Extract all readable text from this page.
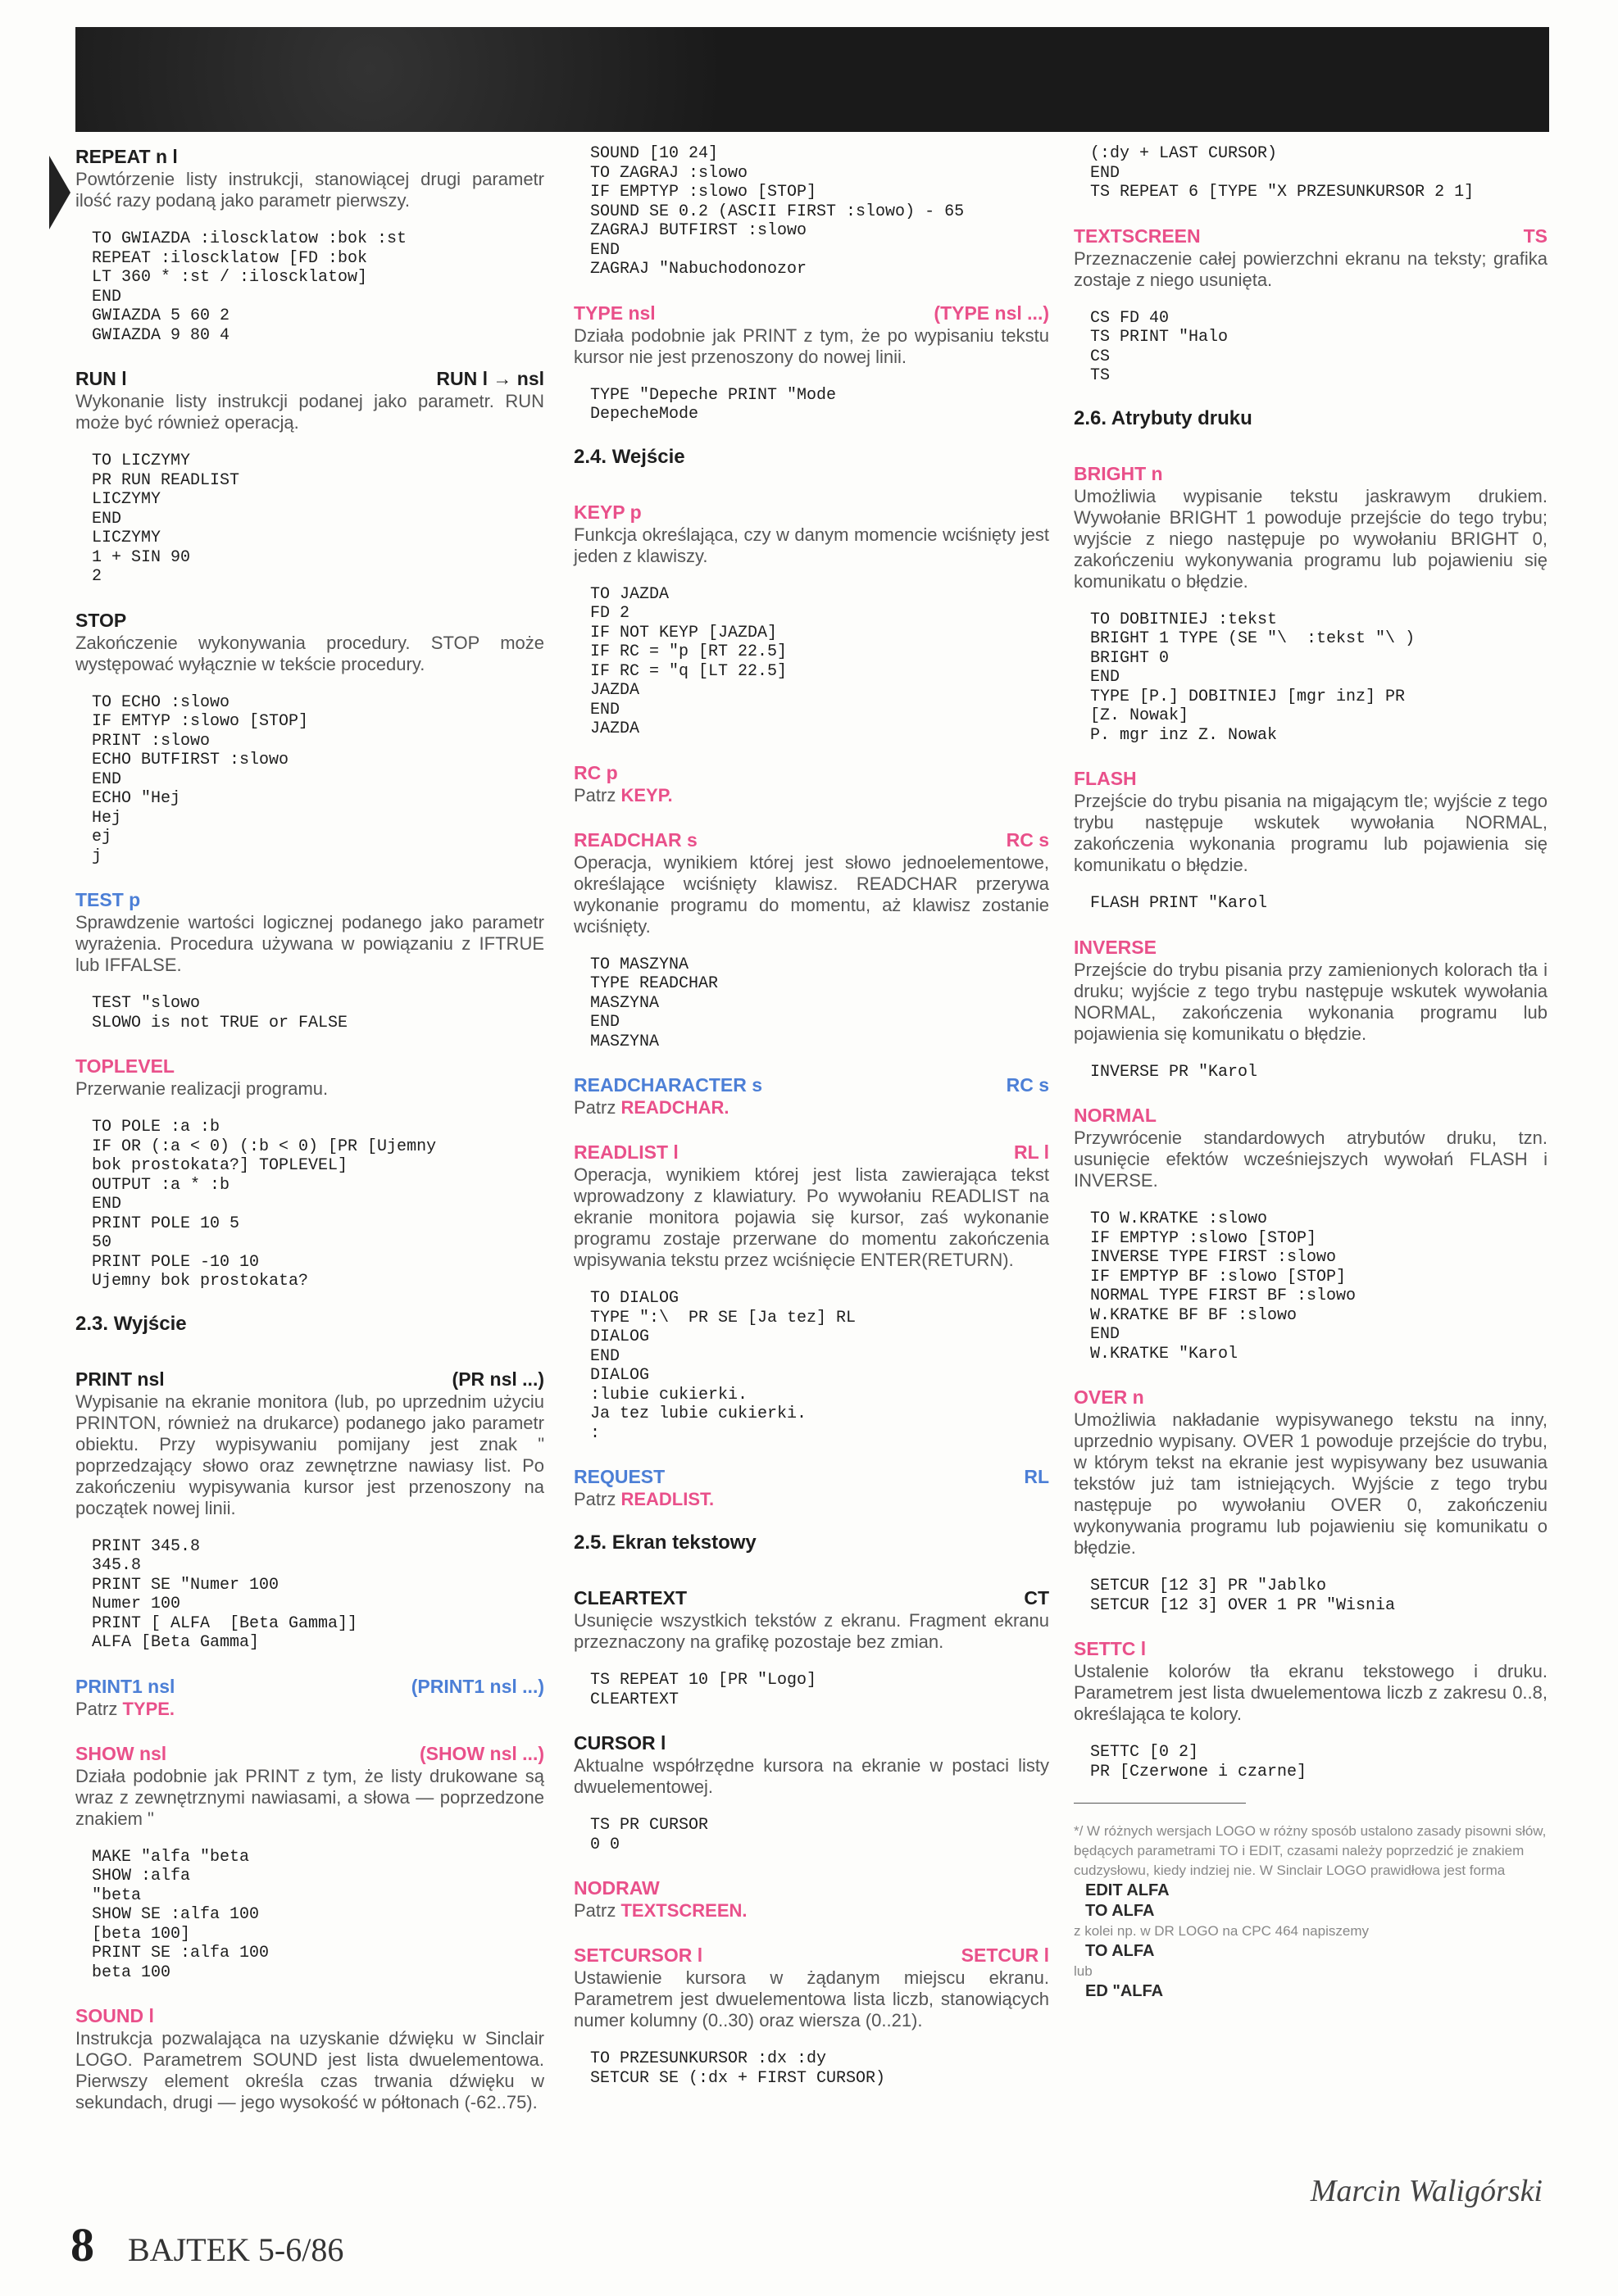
REPEAT n l
Powtórzenie listy instrukcji, stanowiącej drugi parametr ilość razy podaną jako parametr pierwszy.
TO GWIAZDA :iloscklatow :bok :st
REPEAT :iloscklatow [FD :bok
LT 360 * :st / :iloscklatow]
END
GWIAZDA 5 60 2
GWIAZDA 9 80 4
RUN l	RUN l → nsl
Wykonanie listy instrukcji podanej jako parametr. RUN może być również operacją.
TO LICZYMY
PR RUN READLIST
LICZYMY
END
LICZYMY
1 + SIN 90
2
STOP
Zakończenie wykonywania procedury. STOP może występować wyłącznie w tekście procedury.
TO ECHO :slowo
IF EMTYP :slowo [STOP]
PRINT :slowo
ECHO BUTFIRST :slowo
END
ECHO "Hej
Hej
ej
j
TEST p
Sprawdzenie wartości logicznej podanego jako parametr wyrażenia. Procedura używana w powiązaniu z IFTRUE lub IFFALSE.
TEST "slowo
SLOWO is not TRUE or FALSE
TOPLEVEL
Przerwanie realizacji programu.
TO POLE :a :b
IF OR (:a < 0) (:b < 0) [PR [Ujemny
bok prostokata?] TOPLEVEL]
OUTPUT :a * :b
END
PRINT POLE 10 5
50
PRINT POLE -10 10
Ujemny bok prostokata?
2.3. Wyjście
PRINT nsl	(PR nsl ...)
Wypisanie na ekranie monitora (lub, po uprzednim użyciu PRINTON, również na drukarce) podanego jako parametr obiektu. Przy wypisywaniu pomijany jest znak " poprzedzający słowo oraz zewnętrzne nawiasy list. Po zakończeniu wypisywania kursor jest przenoszony na początek nowej linii.
PRINT 345.8
345.8
PRINT SE "Numer 100
Numer 100
PRINT [ ALFA  [Beta Gamma]]
ALFA [Beta Gamma]
PRINT1 nsl	(PRINT1 nsl ...)
Patrz TYPE.
SHOW nsl	(SHOW nsl ...)
Działa podobnie jak PRINT z tym, że listy drukowane są wraz z zewnętrznymi nawiasami, a słowa — poprzedzone znakiem "
MAKE "alfa "beta
SHOW :alfa
"beta
SHOW SE :alfa 100
[beta 100]
PRINT SE :alfa 100
beta 100
SOUND l
Instrukcja pozwalająca na uzyskanie dźwięku w Sinclair LOGO. Parametrem SOUND jest lista dwuelementowa. Pierwszy element określa czas trwania dźwięku w sekundach, drugi — jego wysokość w półtonach (-62..75).
SOUND [10 24]
TO ZAGRAJ :slowo
IF EMPTYP :slowo [STOP]
SOUND SE 0.2 (ASCII FIRST :slowo) - 65
ZAGRAJ BUTFIRST :slowo
END
ZAGRAJ "Nabuchodonozor
TYPE nsl	(TYPE nsl ...)
Działa podobnie jak PRINT z tym, że po wypisaniu tekstu kursor nie jest przenoszony do nowej linii.
TYPE "Depeche PRINT "Mode
DepecheMode
2.4. Wejście
KEYP p
Funkcja określająca, czy w danym momencie wciśnięty jest jeden z klawiszy.
TO JAZDA
FD 2
IF NOT KEYP [JAZDA]
IF RC = "p [RT 22.5]
IF RC = "q [LT 22.5]
JAZDA
END
JAZDA
RC p
Patrz KEYP.
READCHAR s	RC s
Operacja, wynikiem której jest słowo jednoelementowe, określające wciśnięty klawisz. READCHAR przerywa wykonanie programu do momentu, aż klawisz zostanie wciśnięty.
TO MASZYNA
TYPE READCHAR
MASZYNA
END
MASZYNA
READCHARACTER s	RC s
Patrz READCHAR.
READLIST l	RL l
Operacja, wynikiem której jest lista zawierająca tekst wprowadzony z klawiatury. Po wywołaniu READLIST na ekranie monitora pojawia się kursor, zaś wykonanie programu zostaje przerwane do momentu zakończenia wpisywania tekstu przez wciśnięcie ENTER(RETURN).
TO DIALOG
TYPE ":\  PR SE [Ja tez] RL
DIALOG
END
DIALOG
:lubie cukierki.
Ja tez lubie cukierki.
:
REQUEST	RL
Patrz READLIST.
2.5. Ekran tekstowy
CLEARTEXT	CT
Usunięcie wszystkich tekstów z ekranu. Fragment ekranu przeznaczony na grafikę pozostaje bez zmian.
TS REPEAT 10 [PR "Logo]
CLEARTEXT
CURSOR l
Aktualne współrzędne kursora na ekranie w postaci listy dwuelementowej.
TS PR CURSOR
0 0
NODRAW
Patrz TEXTSCREEN.
SETCURSOR l	SETCUR l
Ustawienie kursora w żądanym miejscu ekranu. Parametrem jest dwuelementowa lista liczb, stanowiących numer kolumny (0..30) oraz wiersza (0..21).
TO PRZESUNKURSOR :dx :dy
SETCUR SE (:dx + FIRST CURSOR)
(:dy + LAST CURSOR)
END
TS REPEAT 6 [TYPE "X PRZESUNKURSOR 2 1]
TEXTSCREEN	TS
Przeznaczenie całej powierzchni ekranu na teksty; grafika zostaje z niego usunięta.
CS FD 40
TS PRINT "Halo
CS
TS
2.6. Atrybuty druku
BRIGHT n
Umożliwia wypisanie tekstu jaskrawym drukiem. Wywołanie BRIGHT 1 powoduje przejście do tego trybu; wyjście z niego następuje po wywołaniu BRIGHT 0, zakończeniu wykonywania programu lub pojawieniu się komunikatu o błędzie.
TO DOBITNIEJ :tekst
BRIGHT 1 TYPE (SE "\  :tekst "\ )
BRIGHT 0
END
TYPE [P.] DOBITNIEJ [mgr inz] PR
[Z. Nowak]
P. mgr inz Z. Nowak
FLASH
Przejście do trybu pisania na migającym tle; wyjście z tego trybu następuje wskutek wywołania NORMAL, zakończenia wykonania programu lub pojawienia się komunikatu o błędzie.
FLASH PRINT "Karol
INVERSE
Przejście do trybu pisania przy zamienionych kolorach tła i druku; wyjście z tego trybu następuje wskutek wywołania NORMAL, zakończenia wykonania programu lub pojawienia się komunikatu o błędzie.
INVERSE PR "Karol
NORMAL
Przywrócenie standardowych atrybutów druku, tzn. usunięcie efektów wcześniejszych wywołań FLASH i INVERSE.
TO W.KRATKE :slowo
IF EMPTYP :slowo [STOP]
INVERSE TYPE FIRST :slowo
IF EMPTYP BF :slowo [STOP]
NORMAL TYPE FIRST BF :slowo
W.KRATKE BF BF :slowo
END
W.KRATKE "Karol
OVER n
Umożliwia nakładanie wypisywanego tekstu na inny, uprzednio wypisany. OVER 1 powoduje przejście do trybu, w którym tekst na ekranie jest wypisywany bez usuwania tekstów już tam istniejących. Wyjście z tego trybu następuje po wywołaniu OVER 0, zakończeniu wykonywania programu lub pojawieniu się komunikatu o błędzie.
SETCUR [12 3] PR "Jablko
SETCUR [12 3] OVER 1 PR "Wisnia
SETTC l
Ustalenie kolorów tła ekranu tekstowego i druku. Parametrem jest lista dwuelementowa liczb z zakresu 0..8, określająca te kolory.
SETTC [0 2]
PR [Czerwone i czarne]
*/ W różnych wersjach LOGO w różny sposób ustalono zasady pisowni słów, będących parametrami TO i EDIT, czasami należy poprzedzić je znakiem cudzysłowu, kiedy indziej nie. W Sinclair LOGO prawidłowa jest forma
EDIT ALFA
TO ALFA
z kolei np. w DR LOGO na CPC 464 napiszemy
TO ALFA
lub
ED "ALFA
8 BAJTEK 5-6/86
Marcin Waligórski
